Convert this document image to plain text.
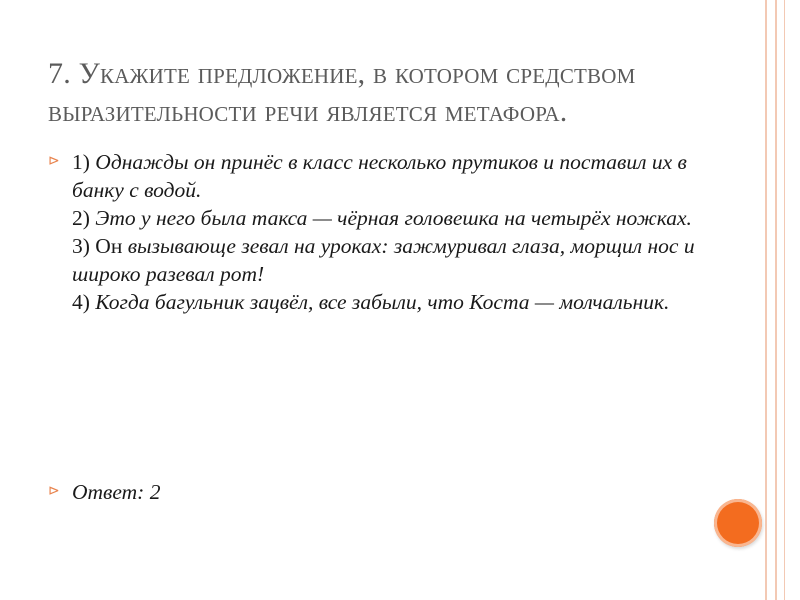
7. Укажите предложение, в котором средством выразительности речи является метафора.
⊳ 1) Однажды он принёс в класс несколько прутиков и поставил их в банку с водой.
2) Это у него была такса — чёрная головешка на четырёх ножках.
3) Он вызывающе зевал на уроках: зажмуривал глаза, морщил нос и широко разевал рот!
4) Когда багульник зацвёл, все забыли, что Коста — молчальник.
⊳ Ответ: 2
